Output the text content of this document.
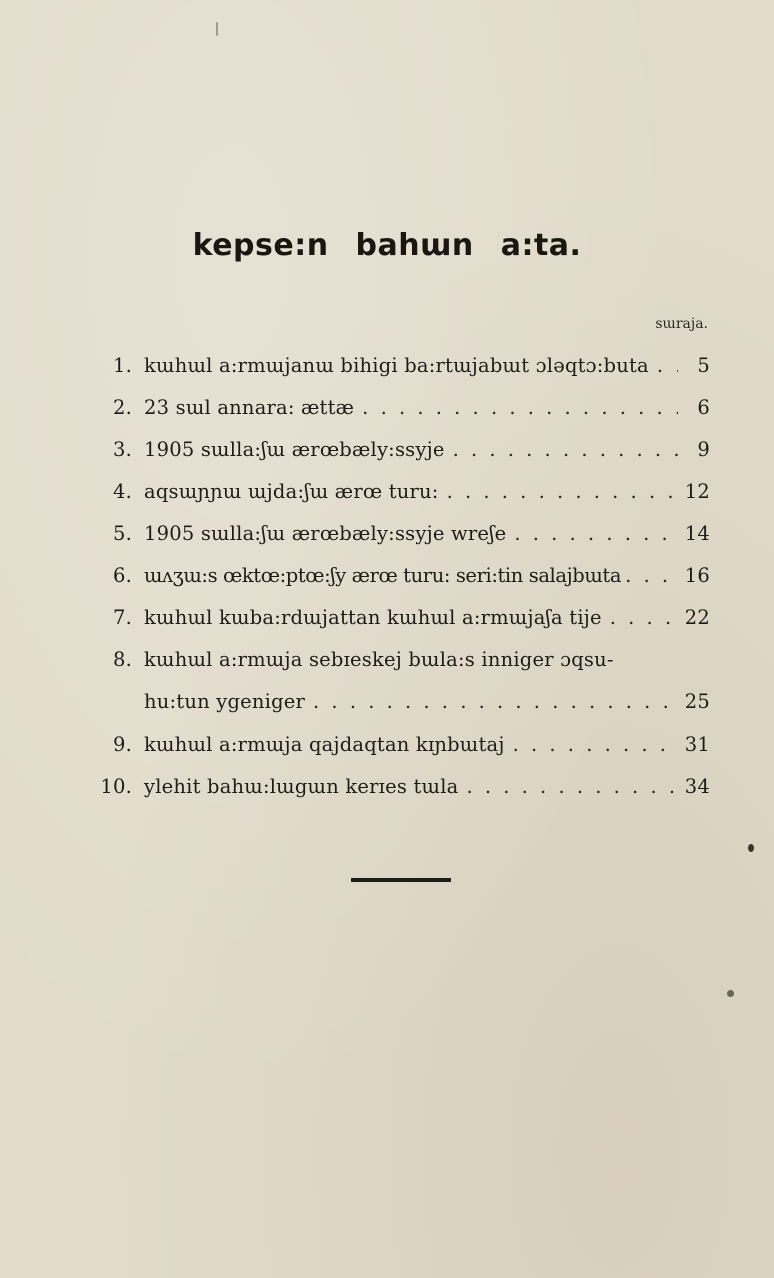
kepse:n bahɯn a:ta.
sɯraja.
1. kɯhɯl a:rmɯjanɯ bihigi ba:rtɯjabɯt ɔləqtɔ:buta . . .	5
2. 23 sɯl annara: ættæ . . .	6
3. 1905 sɯlla:ʃɯ ærœbæly:ssyje . . .	9
4. aqsɯɲɲɯ ɯjda:ʃɯ ærœ turu: . . .	12
5. 1905 sɯlla:ʃɯ ærœbæly:ssyje wreʃe . . .	14
6. ɯʌʒɯ:s œktœ:ptœ:ʃy ærœ turu: seri:tin salajbɯta . . .	16
7. kɯhɯl kɯba:rdɯjattan kɯhɯl a:rmɯjaʃa tije . . .	22
8. kɯhɯl a:rmɯja sebɪeskej bɯla:s inniger ɔqsu-
hu:tun ygeniger . . .	25
9. kɯhɯl a:rmɯja qajdaqtan kɪɲbɯtaj . . .	31
10. ylehit bahɯ:lɯgɯn kerɪes tɯla . . .	34
